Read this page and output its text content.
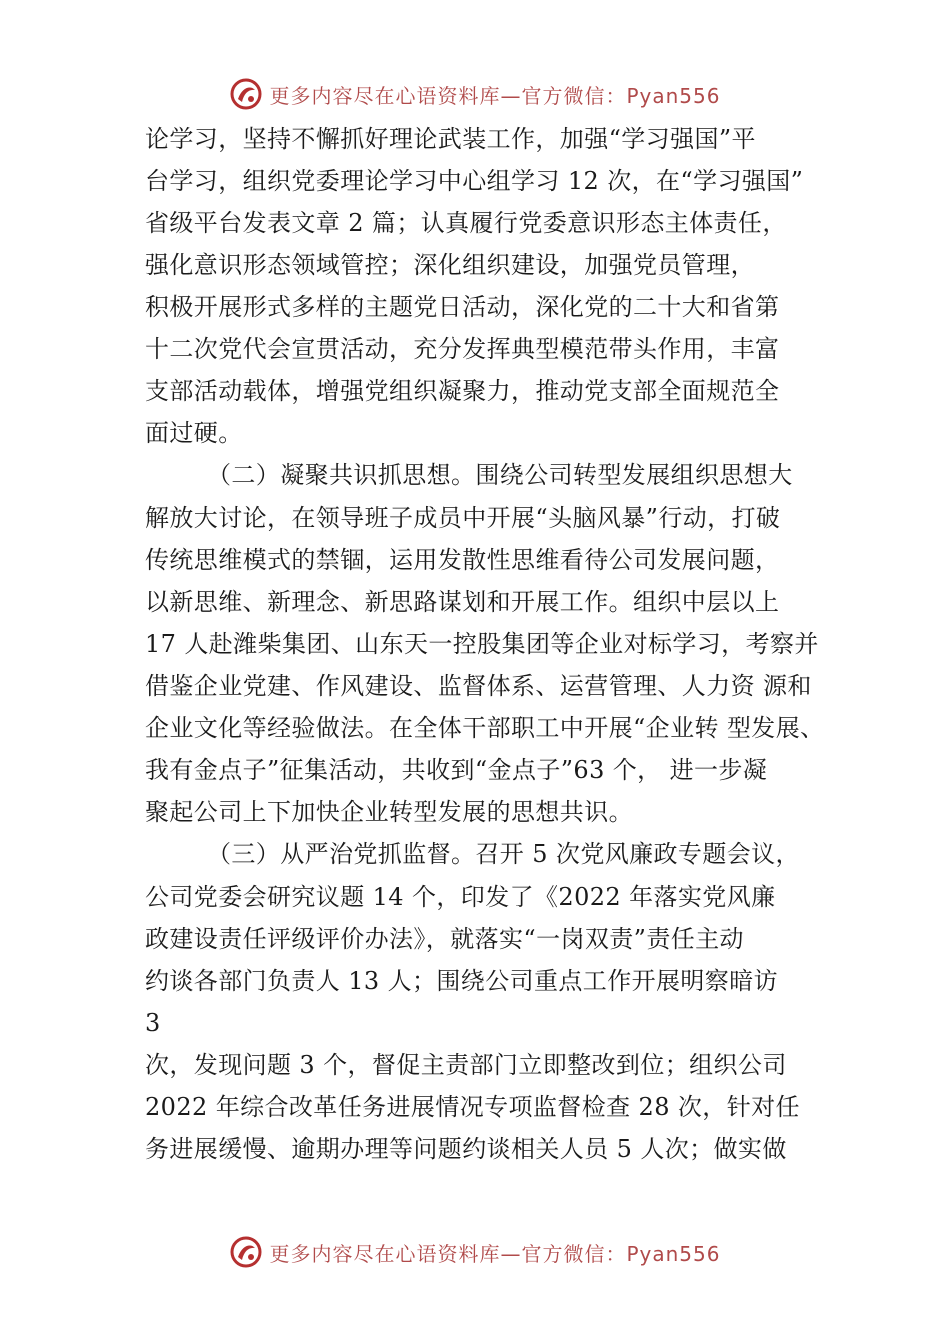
更多内容尽在心语资料库—官方微信：Pyan556
论学习，坚持不懈抓好理论武装工作，加强“学习强国”平
台学习，组织党委理论学习中心组学习 12 次，在“学习强国”
省级平台发表文章 2 篇；认真履行党委意识形态主体责任，
强化意识形态领域管控；深化组织建设，加强党员管理，
积极开展形式多样的主题党日活动，深化党的二十大和省第
十二次党代会宣贯活动，充分发挥典型模范带头作用，丰富
支部活动载体，增强党组织凝聚力，推动党支部全面规范全
面过硬。
（二）凝聚共识抓思想。围绕公司转型发展组织思想大
解放大讨论，在领导班子成员中开展“头脑风暴”行动，打破
传统思维模式的禁锢，运用发散性思维看待公司发展问题，
以新思维、新理念、新思路谋划和开展工作。组织中层以上
17 人赴潍柴集团、山东天一控股集团等企业对标学习，考察并
借鉴企业党建、作风建设、监督体系、运营管理、人力资 源和
企业文化等经验做法。在全体干部职工中开展“企业转 型发展、
我有金点子”征集活动，共收到“金点子”63 个， 进一步凝
聚起公司上下加快企业转型发展的思想共识。
（三）从严治党抓监督。召开 5 次党风廉政专题会议，
公司党委会研究议题 14 个，印发了《2022 年落实党风廉
政建设责任评级评价办法》，就落实“一岗双责”责任主动
约谈各部门负责人 13 人；围绕公司重点工作开展明察暗访
3
次，发现问题 3 个，督促主责部门立即整改到位；组织公司
2022 年综合改革任务进展情况专项监督检查 28 次，针对任
务进展缓慢、逾期办理等问题约谈相关人员 5 人次；做实做
更多内容尽在心语资料库—官方微信：Pyan556
